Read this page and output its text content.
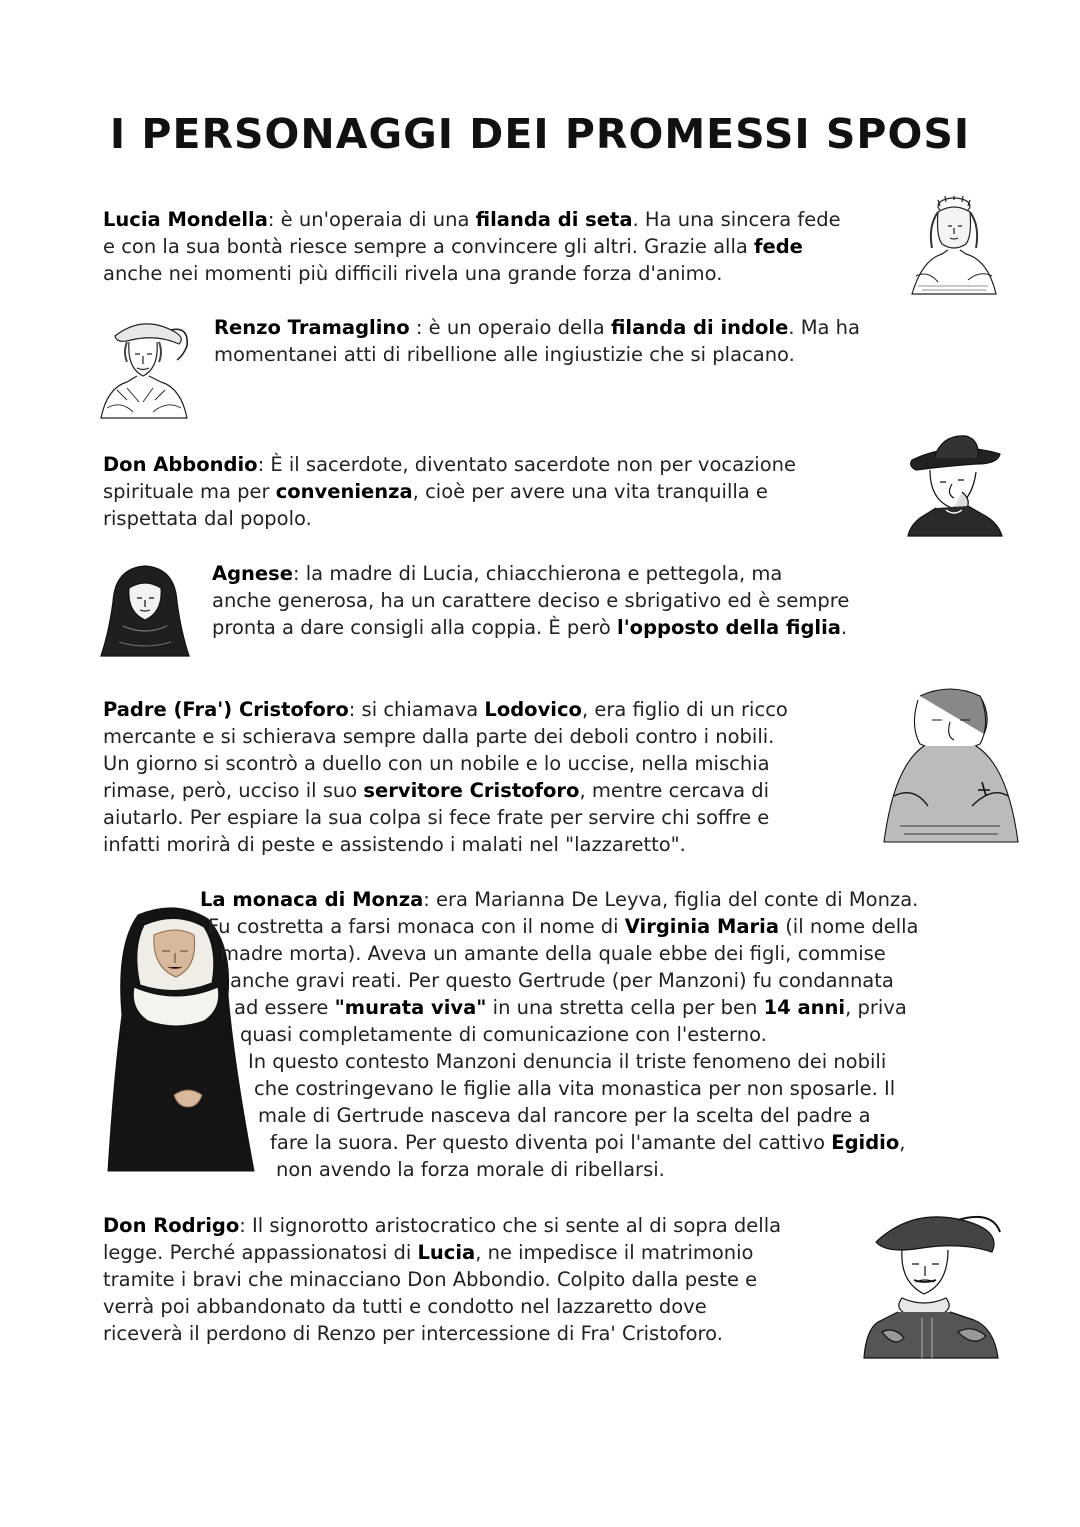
I PERSONAGGI DEI PROMESSI SPOSI
Lucia Mondella: è un'operaia di una filanda di seta. Ha una sincera fede
e con la sua bontà riesce sempre a convincere gli altri. Grazie alla fede
anche nei momenti più difficili rivela una grande forza d'animo.
Renzo Tramaglino : è un operaio della filanda di indole. Ma ha
momentanei atti di ribellione alle ingiustizie che si placano.
Don Abbondio: È il sacerdote, diventato sacerdote non per vocazione
spirituale ma per convenienza, cioè per avere una vita tranquilla e
rispettata dal popolo.
Agnese: la madre di Lucia, chiacchierona e pettegola, ma
anche generosa, ha un carattere deciso e sbrigativo ed è sempre
pronta a dare consigli alla coppia. È però l'opposto della figlia.
Padre (Fra') Cristoforo: si chiamava Lodovico, era figlio di un ricco
mercante e si schierava sempre dalla parte dei deboli contro i nobili.
Un giorno si scontrò a duello con un nobile e lo uccise, nella mischia
rimase, però, ucciso il suo servitore Cristoforo, mentre cercava di
aiutarlo. Per espiare la sua colpa si fece frate per servire chi soffre e
infatti morirà di peste e assistendo i malati nel "lazzaretto".
La monaca di Monza: era Marianna De Leyva, figlia del conte di Monza.
Fu costretta a farsi monaca con il nome di Virginia Maria (il nome della
madre morta). Aveva un amante della quale ebbe dei figli, commise
anche gravi reati. Per questo Gertrude (per Manzoni) fu condannata
ad essere "murata viva" in una stretta cella per ben 14 anni, priva
quasi completamente di comunicazione con l'esterno.
In questo contesto Manzoni denuncia il triste fenomeno dei nobili
che costringevano le figlie alla vita monastica per non sposarle. Il
male di Gertrude nasceva dal rancore per la scelta del padre a
fare la suora. Per questo diventa poi l'amante del cattivo Egidio,
non avendo la forza morale di ribellarsi.
Don Rodrigo: Il signorotto aristocratico che si sente al di sopra della
legge. Perché appassionatosi di Lucia, ne impedisce il matrimonio
tramite i bravi che minacciano Don Abbondio. Colpito dalla peste e
verrà poi abbandonato da tutti e condotto nel lazzaretto dove
riceverà il perdono di Renzo per intercessione di Fra' Cristoforo.
